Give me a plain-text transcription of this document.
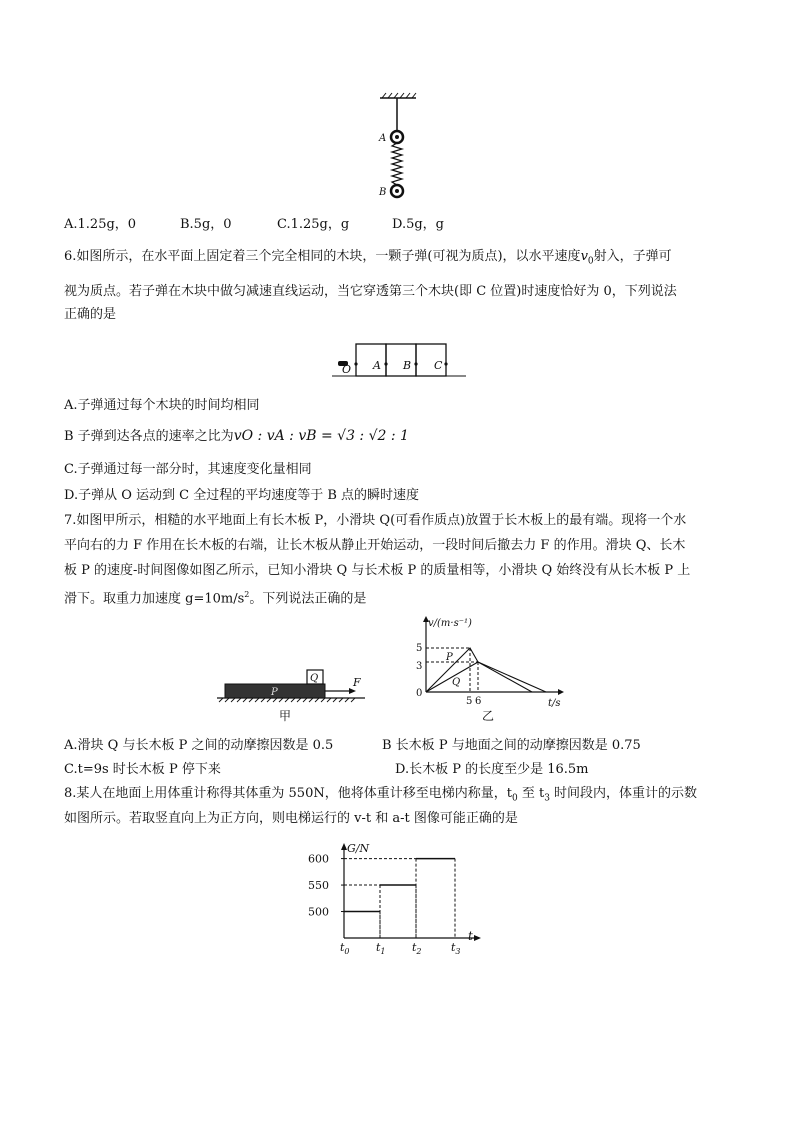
A
B
A.1.25g，0	B.5g，0	C.1.25g，g	D.5g，g
6.如图所示，在水平面上固定着三个完全相同的木块，一颗子弹(可视为质点)，以水平速度$v_0$射入，子弹可
视为质点。若子弹在木块中做匀减速直线运动，当它穿透第三个木块(即 C 位置)时速度恰好为 0，下列说法
正确的是
O A B C
A.子弹通过每个木块的时间均相同
B 子弹到达各点的速率之比为vO : vA : vB = √3 : √2 : 1
C.子弹通过每一部分时，其速度变化量相同
D.子弹从 O 运动到 C 全过程的平均速度等于 B 点的瞬时速度
7.如图甲所示，相糙的水平地面上有长木板 P，小滑块 Q(可看作质点)放置于长木板上的最有端。现将一个水
平向右的力 F 作用在长木板的右端，让长木板从静止开始运动，一段时间后撤去力 F 的作用。滑块 Q、长木
板 P 的速度-时间图像如图乙所示，已知小滑块 Q 与长术板 P 的质量相等，小滑块 Q 始终没有从长木板 P 上
滑下。取重力加速度 $g=10m/s^2$。下列说法正确的是
Q
P
F
甲
v/(m·s⁻¹)
5
3
0
P
Q
5 6	t/s
乙
A.滑块 Q 与长木板 P 之间的动摩擦因数是 0.5	B 长木板 P 与地面之间的动摩擦因数是 0.75
C.t=9s 时长木板 P 停下来	D.长木板 P 的长度至少是 16.5m
8.某人在地面上用体重计称得其体重为 550N，他将体重计移至电梯内称量，$t_0$ 至 $t_3$ 时间段内，体重计的示数
如图所示。若取竖直向上为正方向，则电梯运行的 v-t 和 a-t 图像可能正确的是
G/N
t
500
550
600
$t_0$ $t_1$ $t_2$	$t_3$
